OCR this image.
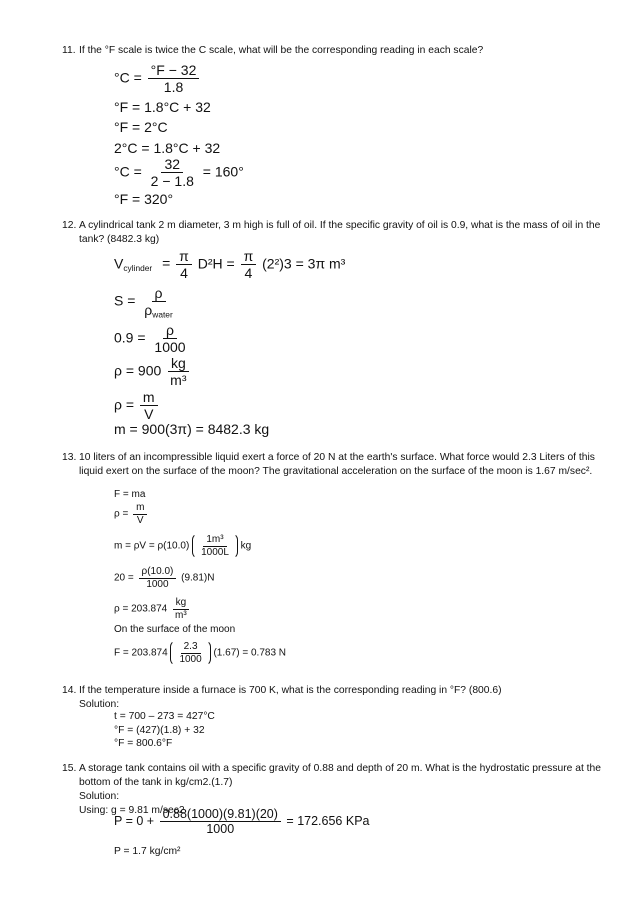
11. If the °F scale is twice the C scale, what will be the corresponding reading in each scale?
$^\circ C = \frac{^\circ F - 32}{1.8}$
°F = 1.8°C + 32
°F = 2°C
2°C = 1.8°C + 32
$^\circ C = \frac{32}{2 - 1.8} = 160^\circ$
°F = 320°
12. A cylindrical tank 2 m diameter, 3 m high is full of oil. If the specific gravity of oil is 0.9, what is the mass of oil in the tank? (8482.3 kg)
$V_{cylinder} = \frac{\pi}{4} D^2H = \frac{\pi}{4} (2^2)3 = 3\pi$ m³
$S = \frac{\rho}{\rho_{water}}$
$0.9 = \frac{\rho}{1000}$
$\rho = 900 \frac{kg}{\text{m³}}$
$\rho = \frac{m}{V}$
m = 900(3π) = 8482.3 kg
13. 10 liters of an incompressible liquid exert a force of 20 N at the earth's surface. What force would 2.3 Liters of this liquid exert on the surface of the moon? The gravitational acceleration on the surface of the moon is 1.67 m/sec².
F = ma
$\rho = \frac{m}{V}$
$m = \rho V = \rho(10.0) \frac{\text{1m³}}{1000L}$ kg
$20 = \frac{\rho(10.0)}{1000} (9.81)N$
$\rho = 203.874 \frac{kg}{\text{m³}}$
On the surface of the moon
$F = 203.874 \frac{2.3}{1000} (1.67) = 0.783$ N
14. If the temperature inside a furnace is 700 K, what is the corresponding reading in °F? (800.6)
Solution:
t = 700 – 273 = 427°C
°F = (427)(1.8) + 32
°F = 800.6°F
15. A storage tank contains oil with a specific gravity of 0.88 and depth of 20 m. What is the hydrostatic pressure at the bottom of the tank in kg/cm2.(1.7)
Solution:
Using: g = 9.81 m/sec2
$P = 0 + \frac{0.88(1000)(9.81)(20)}{1000} = 172.656$ KPa
P = 1.7 kg/cm²
